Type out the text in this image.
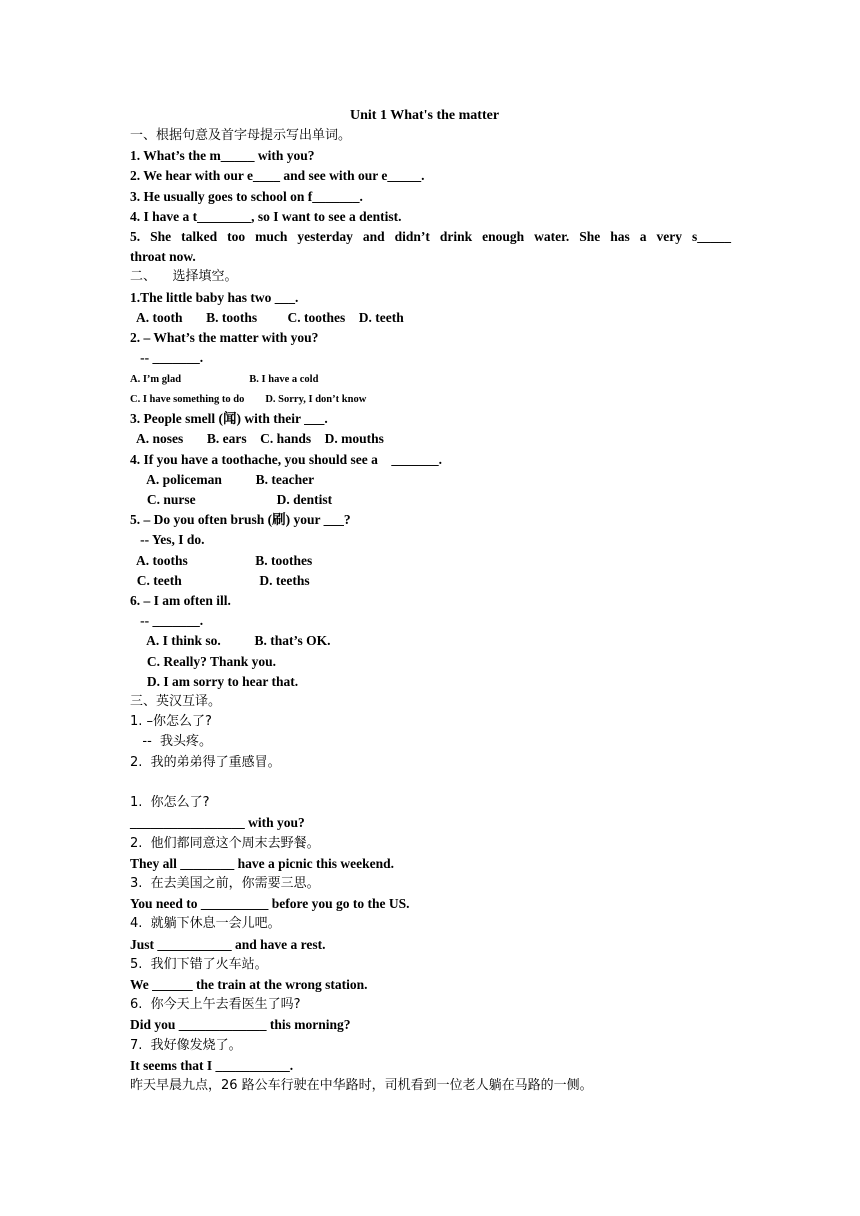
Unit 1 What's the matter
一、根据句意及首字母提示写出单词。
1. What’s the m_____ with you?
2. We hear with our e____ and see with our e_____.
3. He usually goes to school on f_______.
4. I have a t________, so I want to see a dentist.
5. She talked too much yesterday and didn’t drink enough water. She has a very s_____
throat now.
二、    选择填空。
1.The little baby has two ___.
A. tooth       B. tooths         C. toothes    D. teeth
2. – What’s the matter with you?
-- _______.
A. I’m glad                          B. I have a cold
C. I have something to do        D. Sorry, I don’t know
3. People smell (闻) with their ___.
A. noses       B. ears    C. hands    D. mouths
4. If you have a toothache, you should see a    _______.
A. policeman          B. teacher
C. nurse                        D. dentist
5. – Do you often brush (刷) your ___?
-- Yes, I do.
A. tooths                    B. toothes
C. teeth                       D. teeths
6. – I am often ill.
-- _______.
A. I think so.          B. that’s OK.
C. Really? Thank you.
D. I am sorry to hear that.
三、英汉互译。
1. –你怎么了?
--  我头疼。
2.  我的弟弟得了重感冒。
1.  你怎么了?
_________________ with you?
2.  他们都同意这个周末去野餐。
They all ________ have a picnic this weekend.
3.  在去美国之前，你需要三思。
You need to __________ before you go to the US.
4.  就躺下休息一会儿吧。
Just ___________ and have a rest.
5.  我们下错了火车站。
We ______ the train at the wrong station.
6.  你今天上午去看医生了吗?
Did you _____________ this morning?
7.  我好像发烧了。
It seems that I ___________.
昨天早晨九点，26 路公车行驶在中华路时，司机看到一位老人躺在马路的一侧。
